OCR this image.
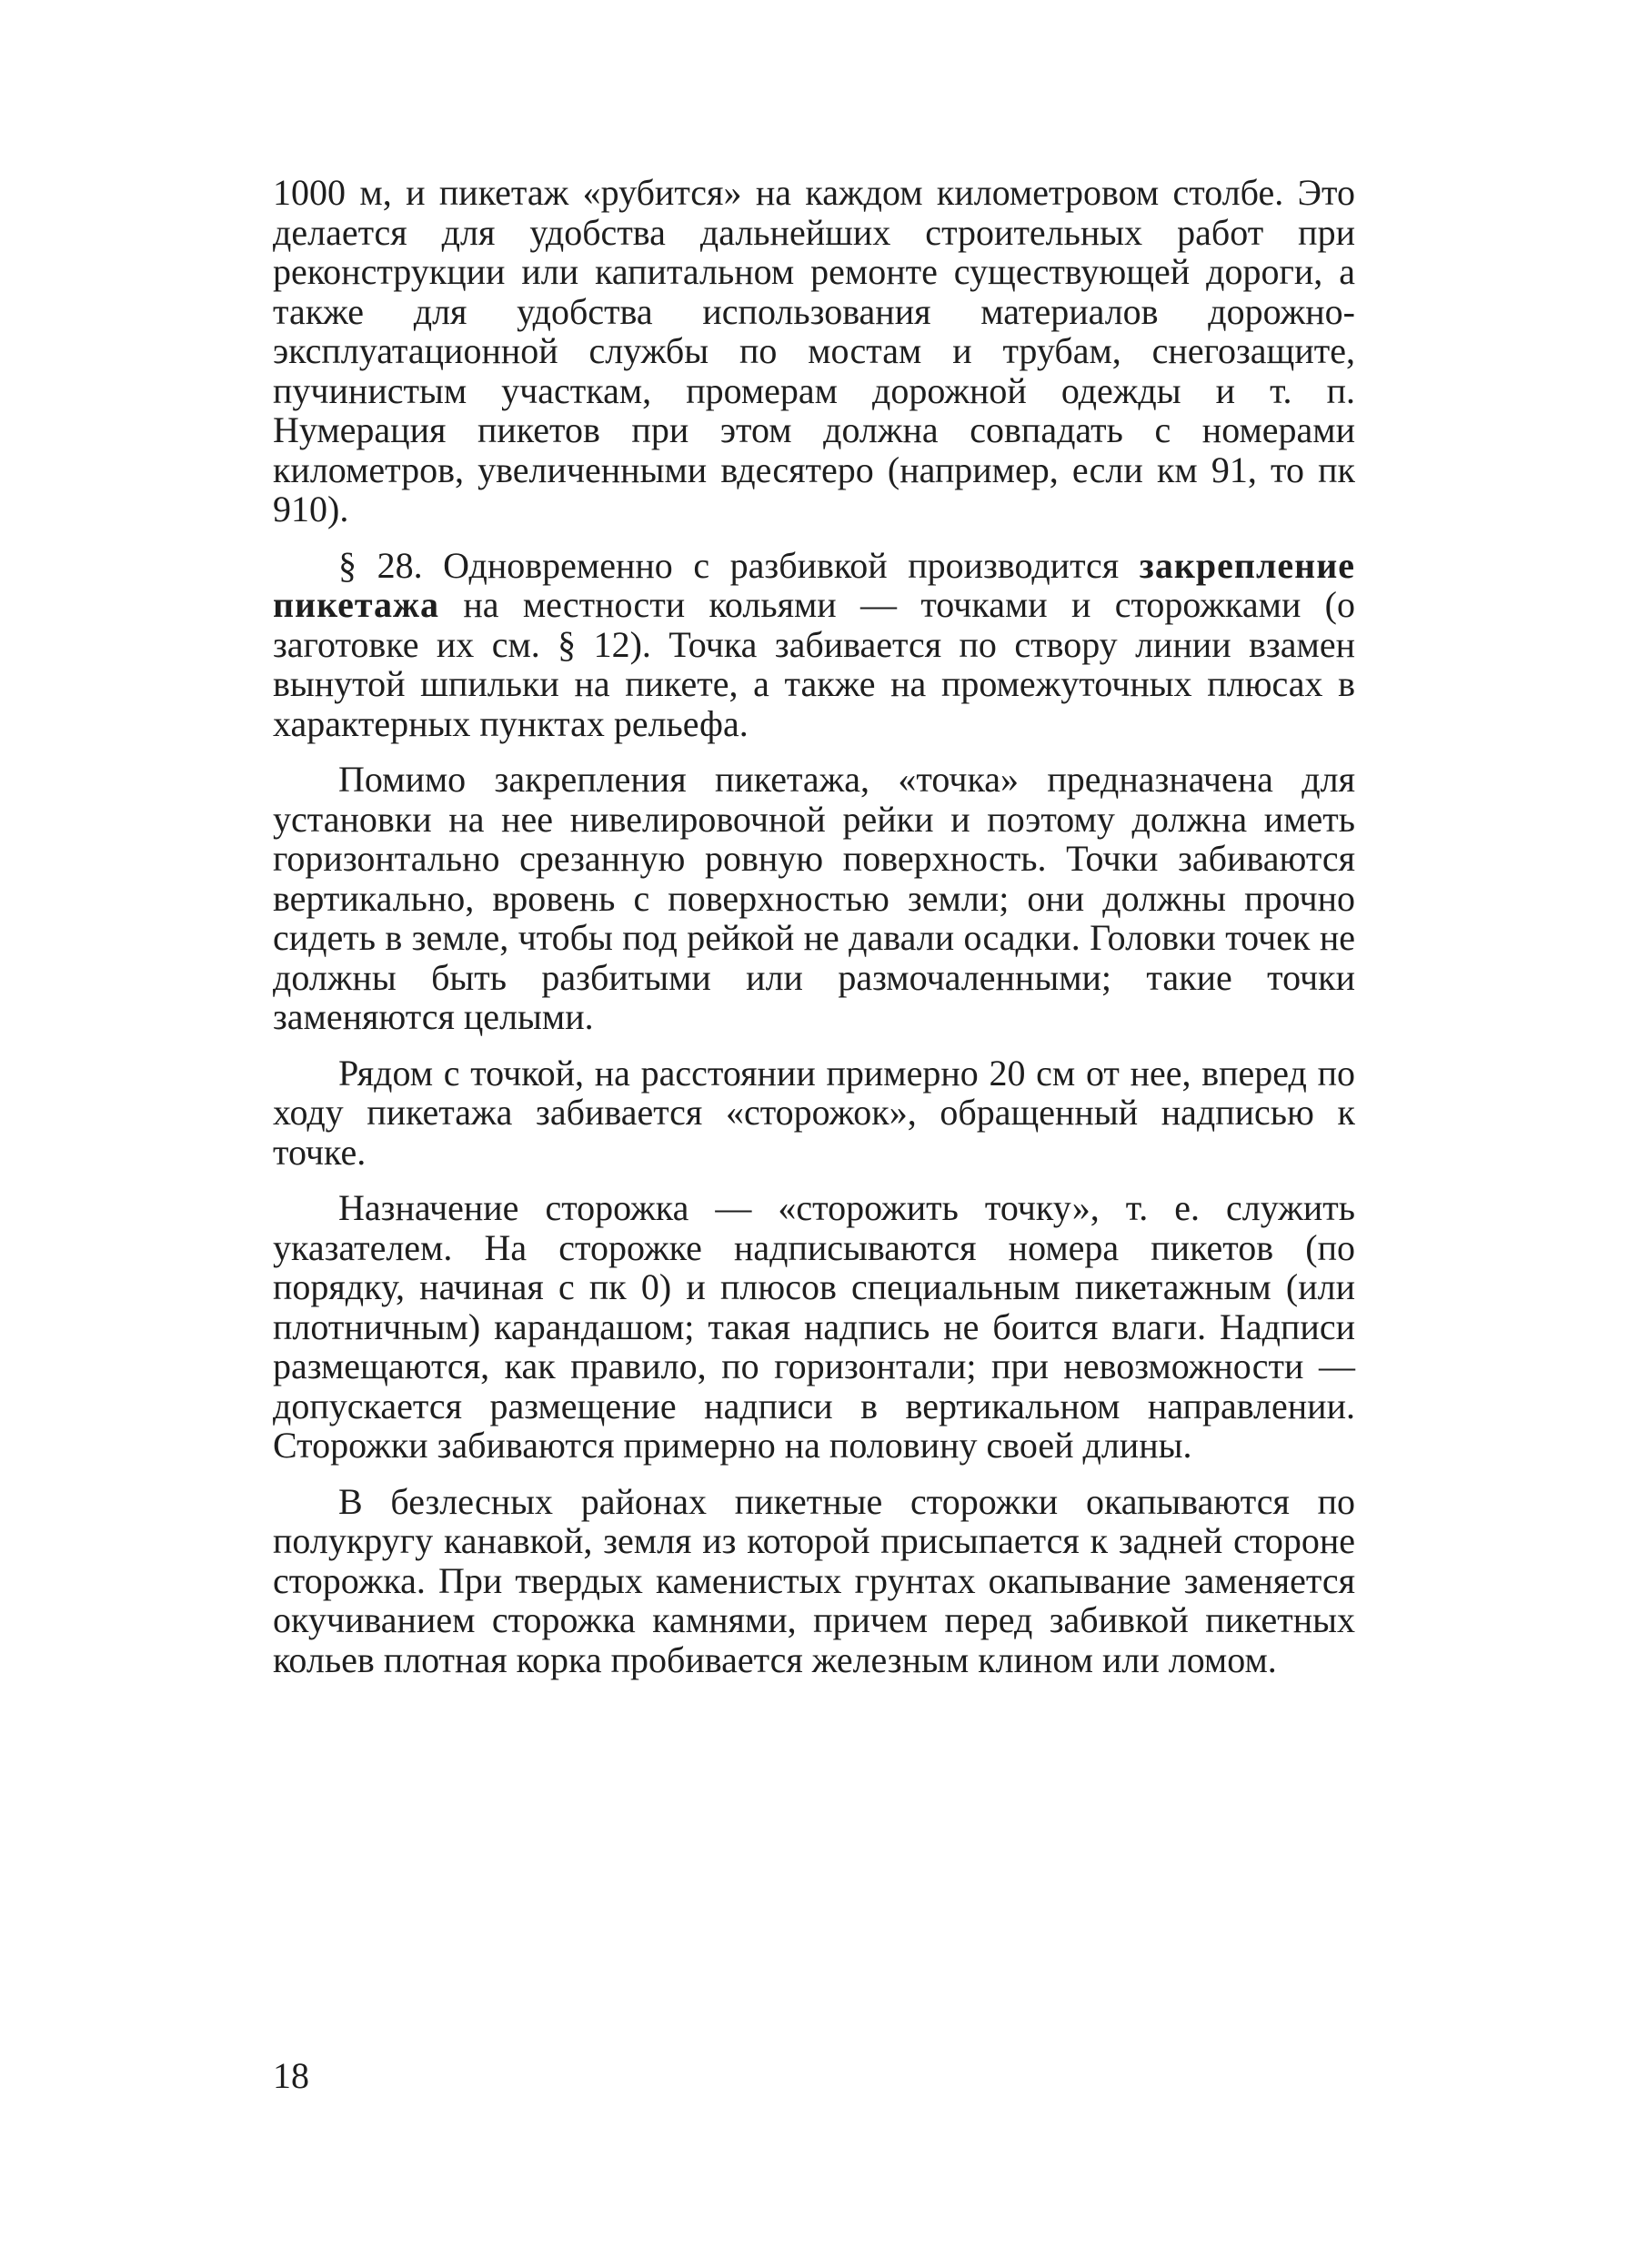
1000 м, и пикетаж «рубится» на каждом километровом столбе. Это делается для удобства дальнейших строительных работ при реконструкции или капитальном ремонте существующей дороги, а также для удобства использования материалов дорожно-эксплуатационной службы по мостам и трубам, снегозащите, пучинистым участкам, промерам дорожной одежды и т. п. Нумерация пикетов при этом должна совпадать с номерами километров, увеличенными вдесятеро (например, если км 91, то пк 910).

§ 28. Одновременно с разбивкой производится закрепление пикетажа на местности кольями — точками и сторожками (о заготовке их см. § 12). Точка забивается по створу линии взамен вынутой шпильки на пикете, а также на промежуточных плюсах в характерных пунктах рельефа.

Помимо закрепления пикетажа, «точка» предназначена для установки на нее нивелировочной рейки и поэтому должна иметь горизонтально срезанную ровную поверхность. Точки забиваются вертикально, вровень с поверхностью земли; они должны прочно сидеть в земле, чтобы под рейкой не давали осадки. Головки точек не должны быть разбитыми или размочаленными; такие точки заменяются целыми.

Рядом с точкой, на расстоянии примерно 20 см от нее, вперед по ходу пикетажа забивается «сторожок», обращенный надписью к точке.

Назначение сторожка — «сторожить точку», т. е. служить указателем. На сторожке надписываются номера пикетов (по порядку, начиная с пк 0) и плюсов специальным пикетажным (или плотничным) карандашом; такая надпись не боится влаги. Надписи размещаются, как правило, по горизонтали; при невозможности — допускается размещение надписи в вертикальном направлении. Сторожки забиваются примерно на половину своей длины.

В безлесных районах пикетные сторожки окапываются по полукругу канавкой, земля из которой присыпается к задней стороне сторожка. При твердых каменистых грунтах окапывание заменяется окучиванием сторожка камнями, причем перед забивкой пикетных кольев плотная корка пробивается железным клином или ломом.

18
